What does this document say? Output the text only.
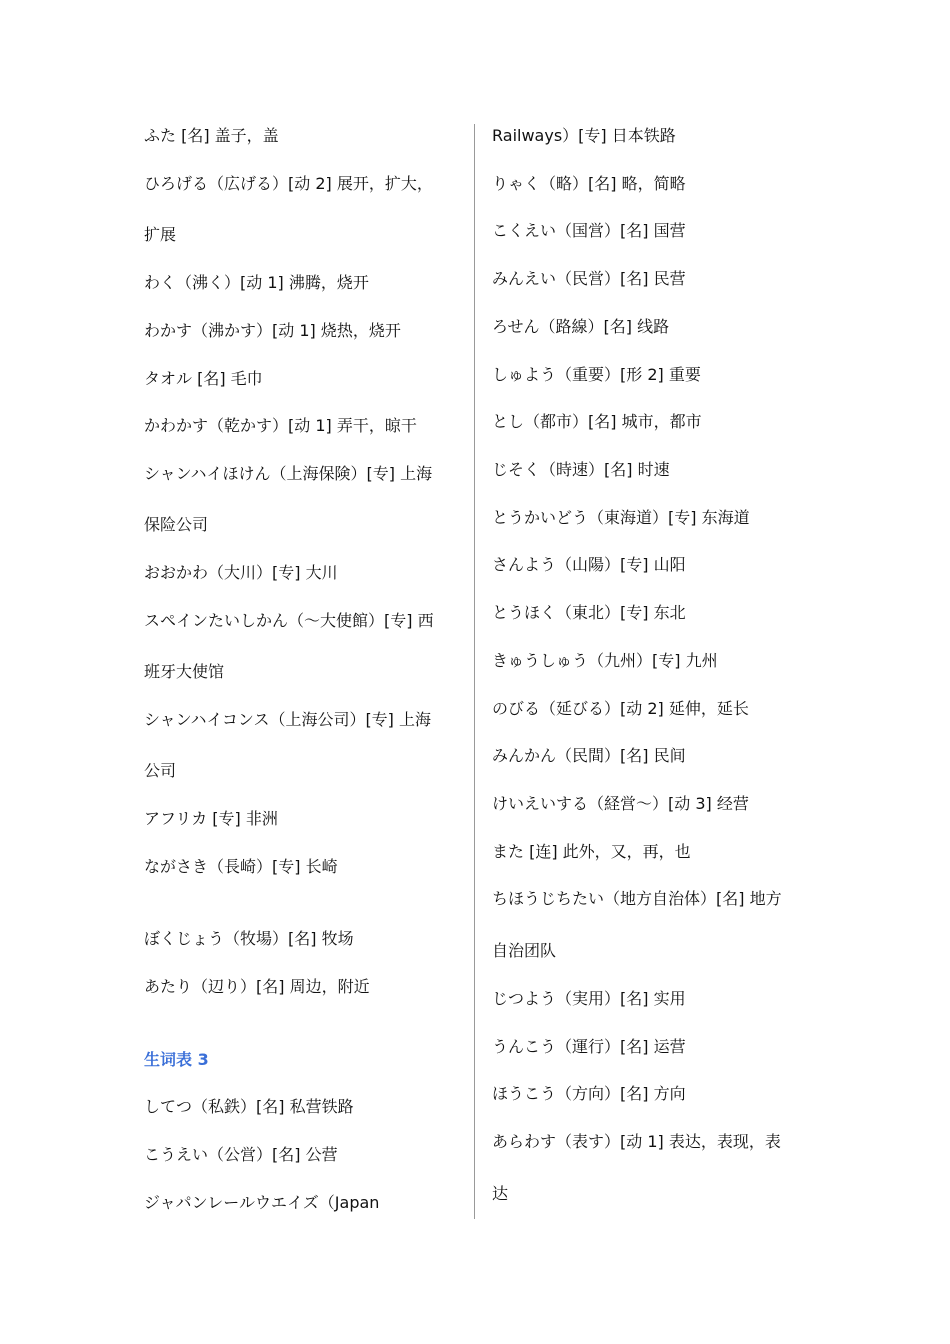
ふた [名] 盖子，盖
ひろげる（広げる）[动 2] 展开，扩大，
扩展
わく（沸く）[动 1] 沸腾，烧开
わかす（沸かす）[动 1] 烧热，烧开
タオル [名] 毛巾
かわかす（乾かす）[动 1] 弄干，晾干
シャンハイほけん（上海保険）[专] 上海
保险公司
おおかわ（大川）[专] 大川
スペインたいしかん（～大使館）[专] 西
班牙大使馆
シャンハイコンス（上海公司）[专] 上海
公司
アフリカ [专] 非洲
ながさき（長崎）[专] 长崎
ぼくじょう（牧場）[名] 牧场
あたり（辺り）[名] 周边，附近
生词表 3
してつ（私鉄）[名] 私营铁路
こうえい（公営）[名] 公营
ジャパンレールウエイズ（Japan
Railways）[专] 日本铁路
りゃく（略）[名] 略，简略
こくえい（国営）[名] 国营
みんえい（民営）[名] 民营
ろせん（路線）[名] 线路
しゅよう（重要）[形 2] 重要
とし（都市）[名] 城市，都市
じそく（時速）[名] 时速
とうかいどう（東海道）[专] 东海道
さんよう（山陽）[专] 山阳
とうほく（東北）[专] 东北
きゅうしゅう（九州）[专] 九州
のびる（延びる）[动 2] 延伸，延长
みんかん（民間）[名] 民间
けいえいする（経営～）[动 3] 经营
また [连] 此外，又，再，也
ちほうじちたい（地方自治体）[名] 地方
自治团队
じつよう（実用）[名] 实用
うんこう（運行）[名] 运营
ほうこう（方向）[名] 方向
あらわす（表す）[动 1] 表达，表现，表
达
